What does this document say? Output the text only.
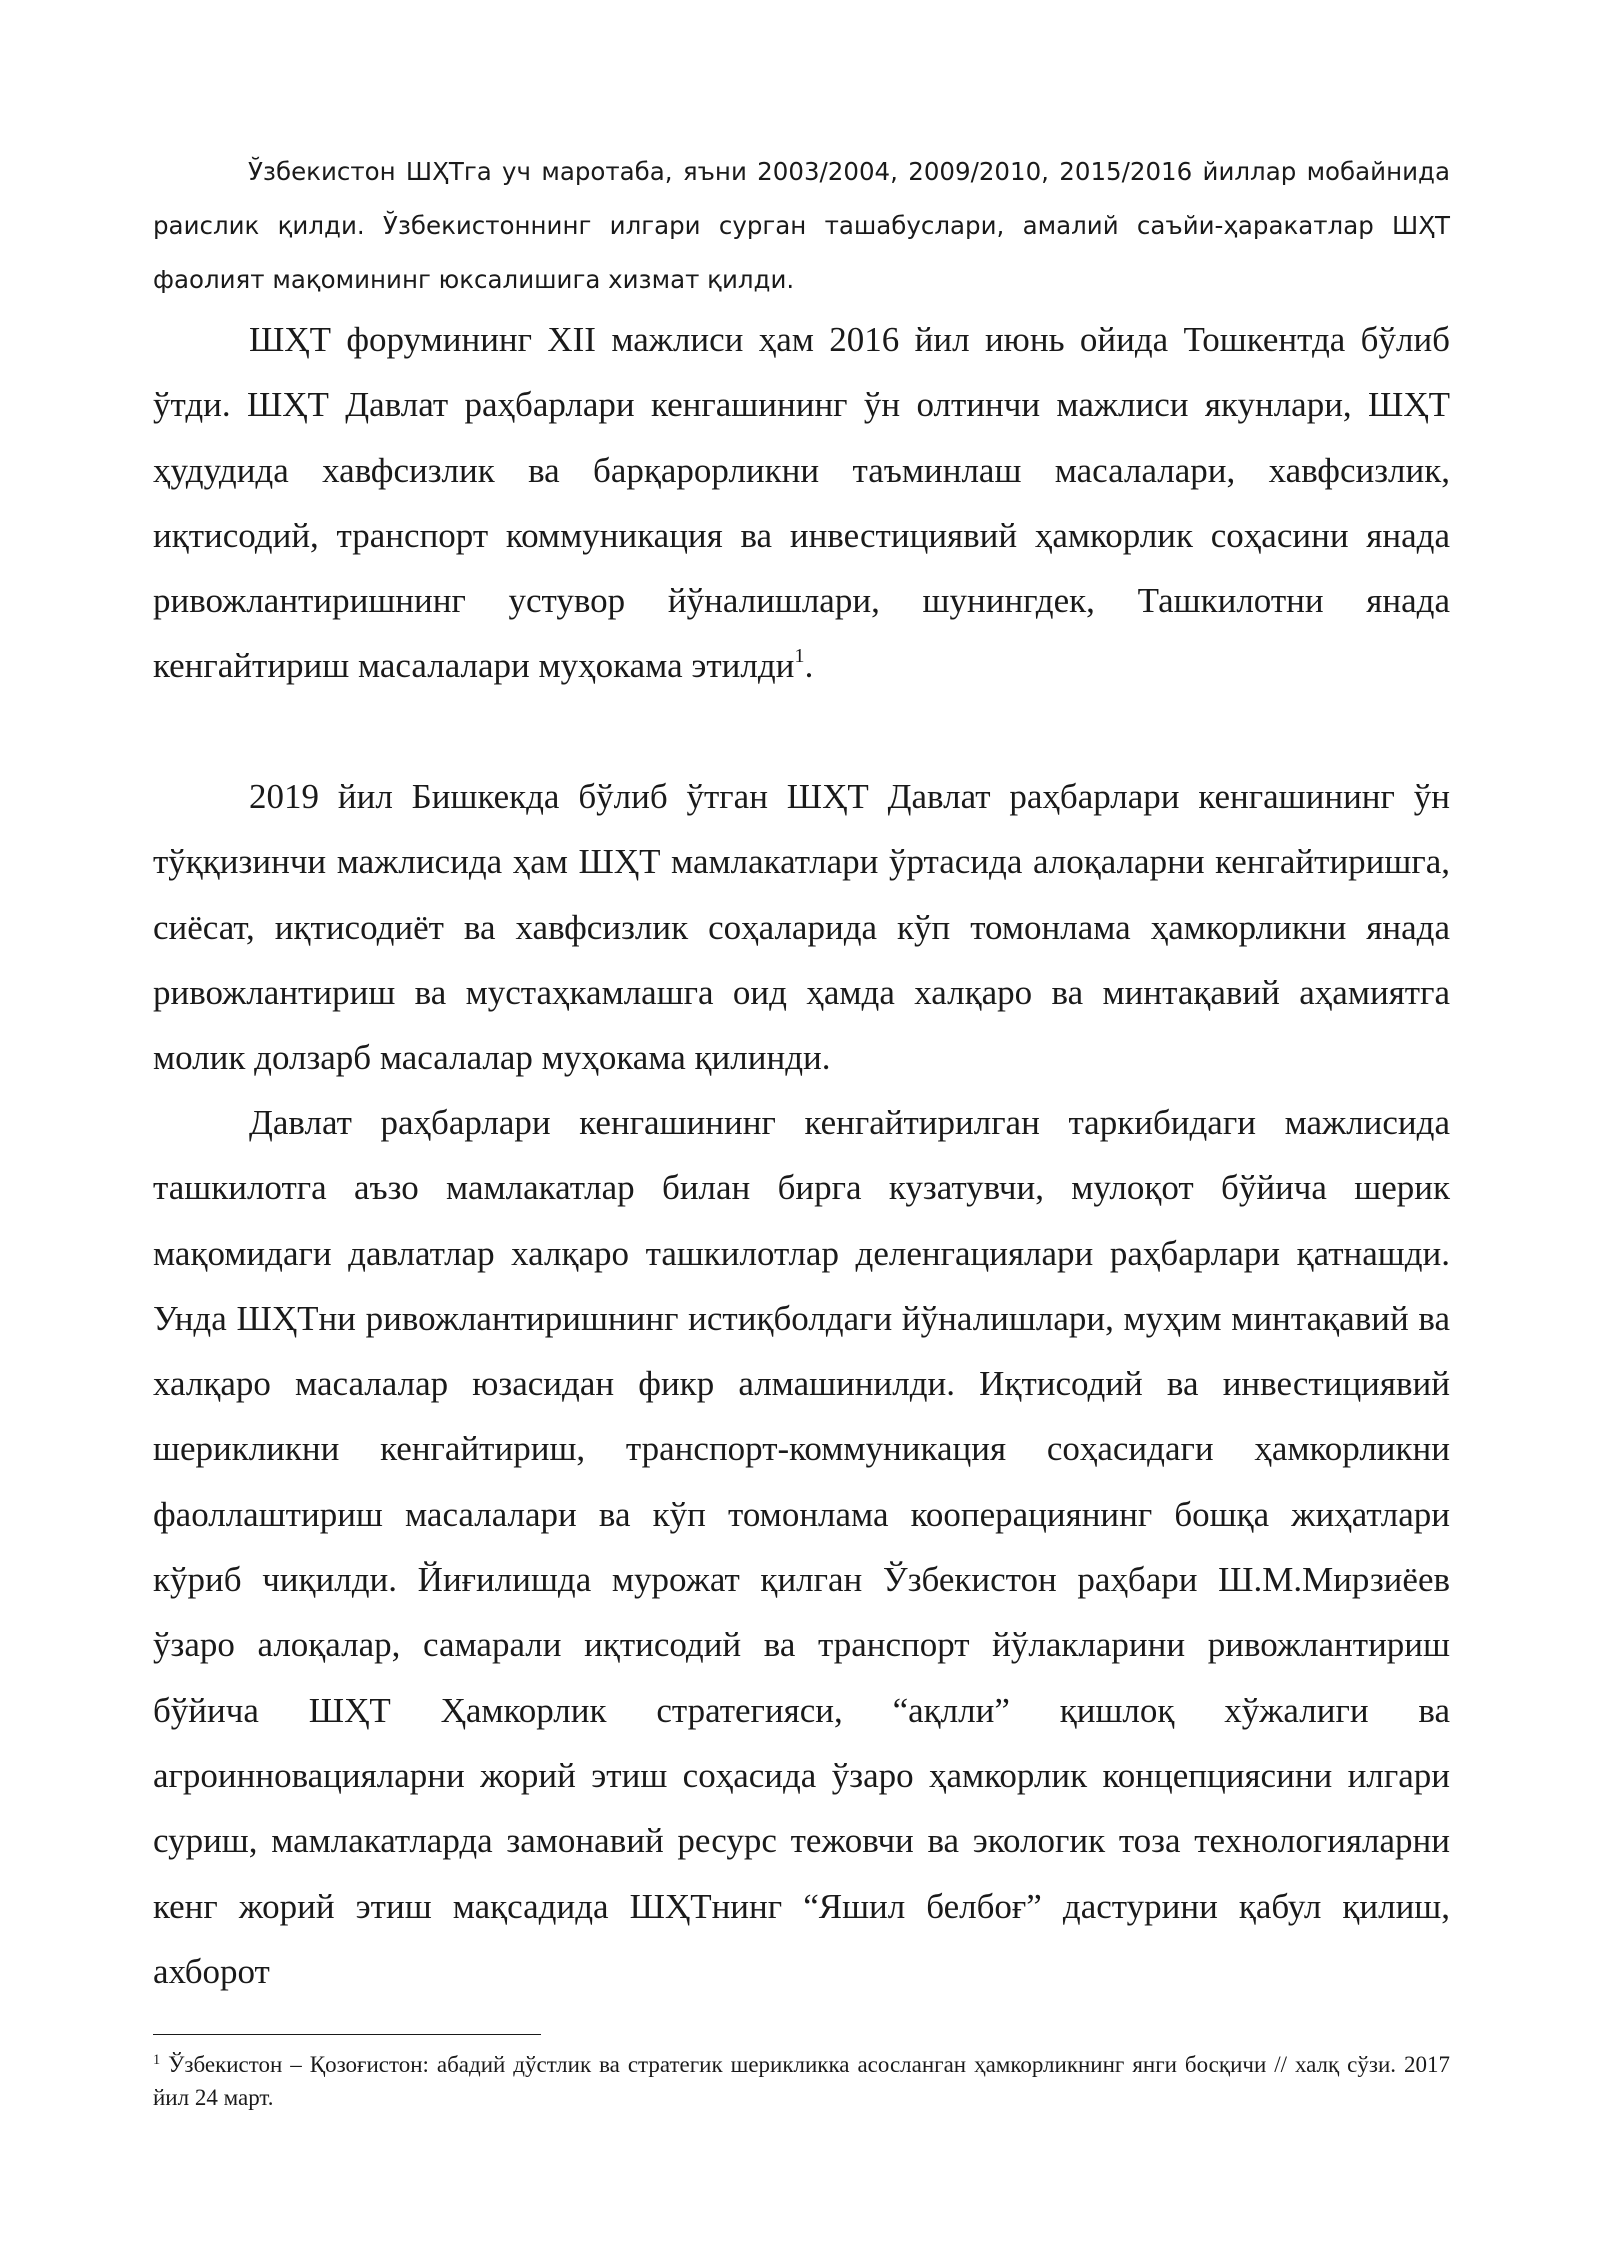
Ўзбекистон ШҲТга уч маротаба, яъни 2003/2004, 2009/2010, 2015/2016 йиллар мобайнида раислик қилди. Ўзбекистоннинг илгари сурган ташабуслари, амалий саъйи-ҳаракатлар ШҲТ фаолият мақомининг юксалишига хизмат қилди.

ШҲТ форумининг XII мажлиси ҳам 2016 йил июнь ойида Тошкентда бўлиб ўтди. ШҲТ Давлат раҳбарлари кенгашининг ўн олтинчи мажлиси якунлари, ШҲТ ҳудудида хавфсизлик ва барқарорликни таъминлаш масалалари, хавфсизлик, иқтисодий, транспорт коммуникация ва инвестициявий ҳамкорлик соҳасини янада ривожлантиришнинг устувор йўналишлари, шунингдек, Ташкилотни янада кенгайтириш масалалари муҳокама этилди$^1$.

2019 йил Бишкекда бўлиб ўтган ШҲТ Давлат раҳбарлари кенгашининг ўн тўққизинчи мажлисида ҳам ШҲТ мамлакатлари ўртасида алоқаларни кенгайтиришга, сиёсат, иқтисодиёт ва хавфсизлик соҳаларида кўп томонлама ҳамкорликни янада ривожлантириш ва мустаҳкамлашга оид ҳамда халқаро ва минтақавий аҳамиятга молик долзарб масалалар муҳокама қилинди.

Давлат раҳбарлари кенгашининг кенгайтирилган таркибидаги мажлисида ташкилотга аъзо мамлакатлар билан бирга кузатувчи, мулоқот бўйича шерик мақомидаги давлатлар халқаро ташкилотлар деленгациялари раҳбарлари қатнашди. Унда ШҲТни ривожлантиришнинг истиқболдаги йўналишлари, муҳим минтақавий ва халқаро масалалар юзасидан фикр алмашинилди. Иқтисодий ва инвестициявий шерикликни кенгайтириш, транспорт-коммуникация соҳасидаги ҳамкорликни фаоллаштириш масалалари ва кўп томонлама кооперациянинг бошқа жиҳатлари кўриб чиқилди. Йиғилишда мурожат қилган Ўзбекистон раҳбари Ш.М.Мирзиёев ўзаро алоқалар, самарали иқтисодий ва транспорт йўлакларини ривожлантириш бўйича ШҲТ Ҳамкорлик стратегияси, “ақлли” қишлоқ хўжалиги ва агроинновацияларни жорий этиш соҳасида ўзаро ҳамкорлик концепциясини илгари суриш, мамлакатларда замонавий ресурс тежовчи ва экологик тоза технологияларни кенг жорий этиш мақсадида ШҲТнинг “Яшил белбоғ” дастурини қабул қилиш, ахборот

$^1$ Ўзбекистон – Қозоғистон: абадий дўстлик ва стратегик шерикликка асосланган ҳамкорликнинг янги босқичи // халқ сўзи. 2017 йил 24 март.
